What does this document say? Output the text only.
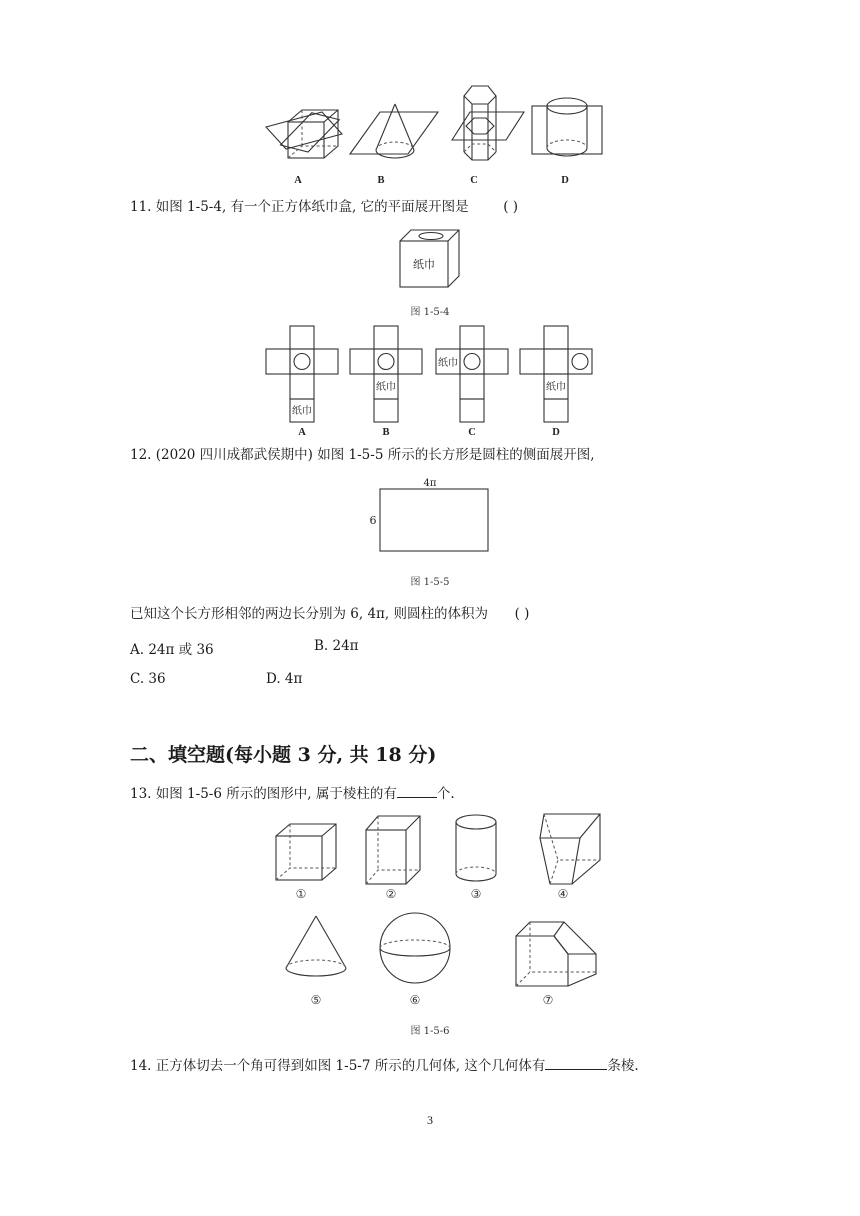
A	B	C	D
11. 如图 1-5-4, 有一个正方体纸巾盒, 它的平面展开图是	( )
纸巾
图 1-5-4
纸巾
纸巾
纸巾
纸巾
A	B	C	D
12. (2020 四川成都武侯期中) 如图 1-5-5 所示的长方形是圆柱的侧面展开图,
4π
6
图 1-5-5
已知这个长方形相邻的两边长分别为 6, 4π, 则圆柱的体积为 ( )
A. 24π 或 36	B. 24π
C. 36	D. 4π
二、填空题(每小题 3 分, 共 18 分)
13. 如图 1-5-6 所示的图形中, 属于棱柱的有	个.
①	②	③	④
⑤	⑥	⑦
图 1-5-6
14. 正方体切去一个角可得到如图 1-5-7 所示的几何体, 这个几何体有	条棱.
3
